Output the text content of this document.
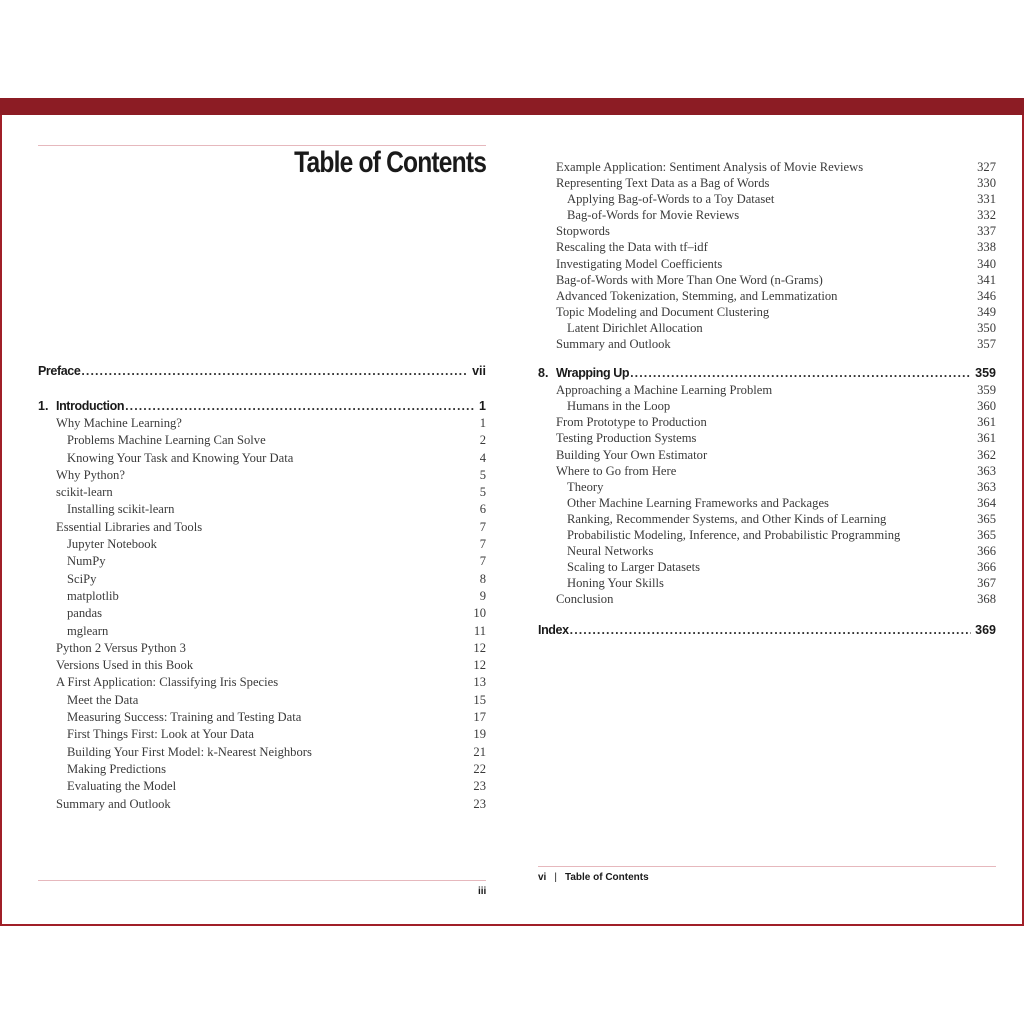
Table of Contents
Preface . . .	vii
1. Introduction . . .	1
Why Machine Learning?	1
Problems Machine Learning Can Solve	2
Knowing Your Task and Knowing Your Data	4
Why Python?	5
scikit-learn	5
Installing scikit-learn	6
Essential Libraries and Tools	7
Jupyter Notebook	7
NumPy	7
SciPy	8
matplotlib	9
pandas	10
mglearn	11
Python 2 Versus Python 3	12
Versions Used in this Book	12
A First Application: Classifying Iris Species	13
Meet the Data	15
Measuring Success: Training and Testing Data	17
First Things First: Look at Your Data	19
Building Your First Model: k-Nearest Neighbors	21
Making Predictions	22
Evaluating the Model	23
Summary and Outlook	23
iii
Example Application: Sentiment Analysis of Movie Reviews	327
Representing Text Data as a Bag of Words	330
Applying Bag-of-Words to a Toy Dataset	331
Bag-of-Words for Movie Reviews	332
Stopwords	337
Rescaling the Data with tf–idf	338
Investigating Model Coefficients	340
Bag-of-Words with More Than One Word (n-Grams)	341
Advanced Tokenization, Stemming, and Lemmatization	346
Topic Modeling and Document Clustering	349
Latent Dirichlet Allocation	350
Summary and Outlook	357
8. Wrapping Up . . .	359
Approaching a Machine Learning Problem	359
Humans in the Loop	360
From Prototype to Production	361
Testing Production Systems	361
Building Your Own Estimator	362
Where to Go from Here	363
Theory	363
Other Machine Learning Frameworks and Packages	364
Ranking, Recommender Systems, and Other Kinds of Learning	365
Probabilistic Modeling, Inference, and Probabilistic Programming	365
Neural Networks	366
Scaling to Larger Datasets	366
Honing Your Skills	367
Conclusion	368
Index . . .	369
vi | Table of Contents
